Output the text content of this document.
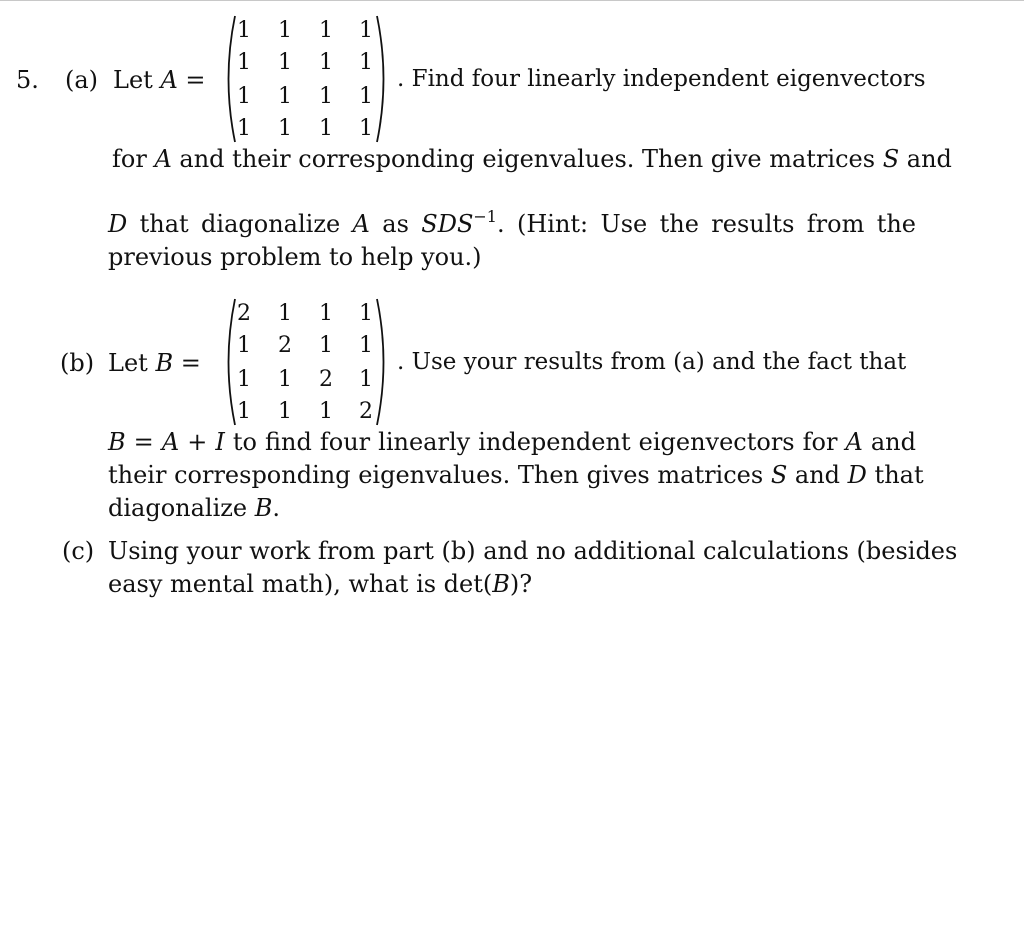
5. (a) Let A =
1 1 1 1
1 1 1 1
1 1 1 1
1 1 1 1
. Find four linearly independent eigenvectors
for A and their corresponding eigenvalues. Then give matrices S and
D that diagonalize A as $SDS^{-1}$. (Hint: Use the results from the
previous problem to help you.)
(b) Let B =
2 1 1 1
1 2 1 1
1 1 2 1
1 1 1 2
. Use your results from (a) and the fact that
B = A + I to find four linearly independent eigenvectors for A and
their corresponding eigenvalues. Then gives matrices S and D that
diagonalize B.
(c) Using your work from part (b) and no additional calculations (besides
easy mental math), what is det(B)?
